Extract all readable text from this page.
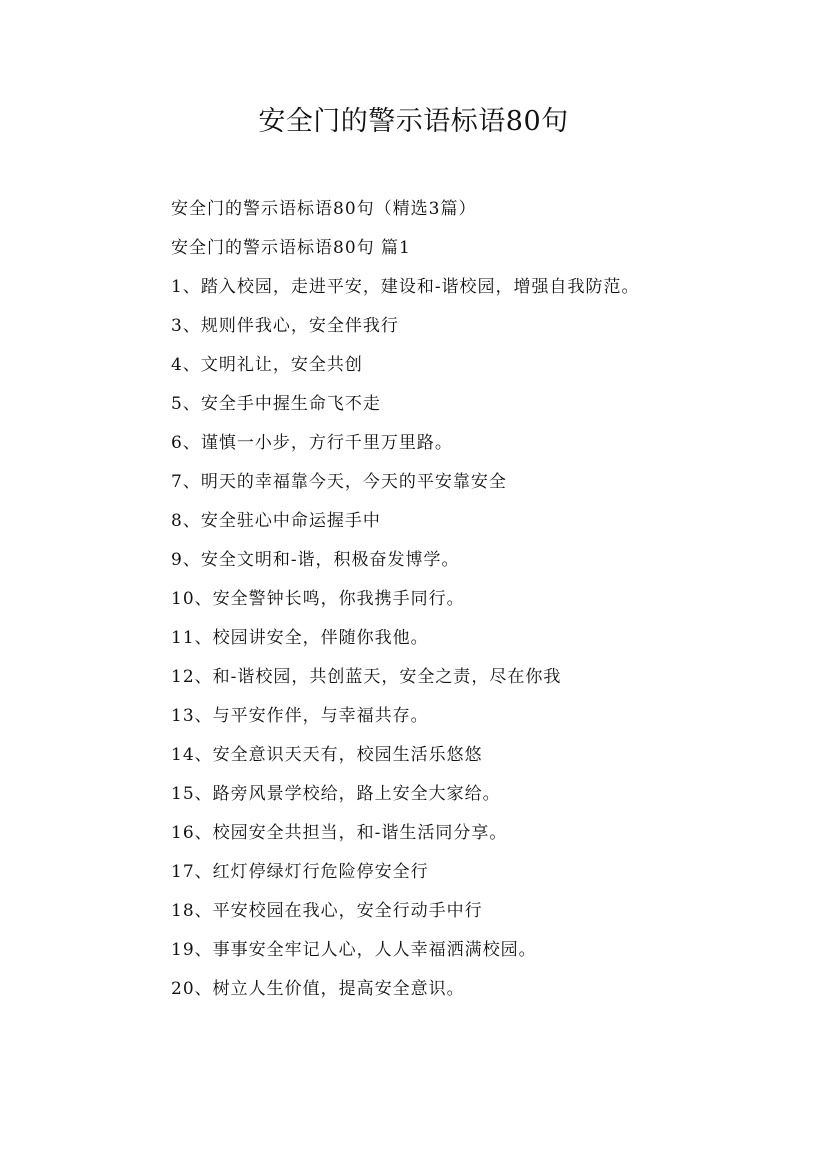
安全门的警示语标语80句

安全门的警示语标语80句（精选3篇）

安全门的警示语标语80句 篇1

1、踏入校园，走进平安，建设和-谐校园，增强自我防范。

3、规则伴我心，安全伴我行

4、文明礼让，安全共创

5、安全手中握生命飞不走

6、谨慎一小步，方行千里万里路。

7、明天的幸福靠今天，今天的平安靠安全

8、安全驻心中命运握手中

9、安全文明和-谐，积极奋发博学。

10、安全警钟长鸣，你我携手同行。

11、校园讲安全，伴随你我他。

12、和-谐校园，共创蓝天，安全之责，尽在你我

13、与平安作伴，与幸福共存。

14、安全意识天天有，校园生活乐悠悠

15、路旁风景学校给，路上安全大家给。

16、校园安全共担当，和-谐生活同分享。

17、红灯停绿灯行危险停安全行

18、平安校园在我心，安全行动手中行

19、事事安全牢记人心，人人幸福洒满校园。

20、树立人生价值，提高安全意识。
